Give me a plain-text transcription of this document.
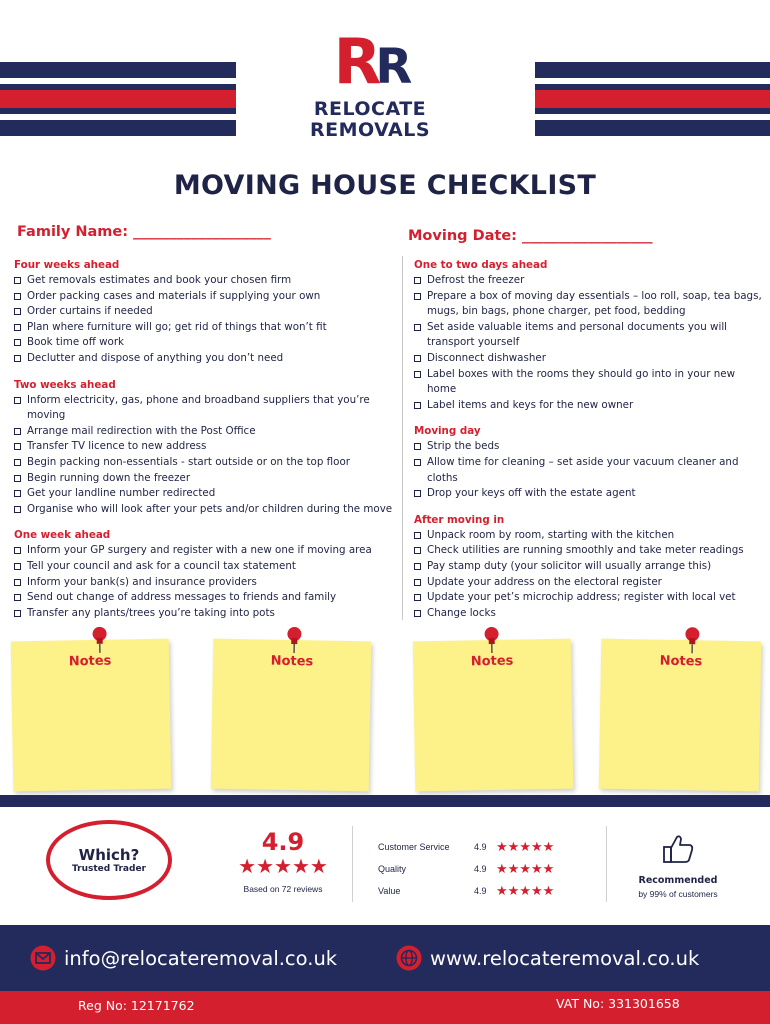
RR
RELOCATE
REMOVALS
MOVING HOUSE CHECKLIST
Family Name: ___________________	Moving Date: __________________
Four weeks ahead
Get removals estimates and book your chosen firm
Order packing cases and materials if supplying your own
Order curtains if needed
Plan where furniture will go; get rid of things that won’t fit
Book time off work
Declutter and dispose of anything you don’t need
Two weeks ahead
Inform electricity, gas, phone and broadband suppliers that you’re moving
Arrange mail redirection with the Post Office
Transfer TV licence to new address
Begin packing non-essentials - start outside or on the top floor
Begin running down the freezer
Get your landline number redirected
Organise who will look after your pets and/or children during the move
One week ahead
Inform your GP surgery and register with a new one if moving area
Tell your council and ask for a council tax statement
Inform your bank(s) and insurance providers
Send out change of address messages to friends and family
Transfer any plants/trees you’re taking into pots
One to two days ahead
Defrost the freezer
Prepare a box of moving day essentials – loo roll, soap, tea bags, mugs, bin bags, phone charger, pet food, bedding
Set aside valuable items and personal documents you will transport yourself
Disconnect dishwasher
Label boxes with the rooms they should go into in your new home
Label items and keys for the new owner
Moving day
Strip the beds
Allow time for cleaning – set aside your vacuum cleaner and cloths
Drop your keys off with the estate agent
After moving in
Unpack room by room, starting with the kitchen
Check utilities are running smoothly and take meter readings
Pay stamp duty (your solicitor will usually arrange this)
Update your address on the electoral register
Update your pet’s microchip address; register with local vet
Change locks
Notes	Notes	Notes	Notes
Which?
Trusted Trader
4.9
★ ★ ★ ★ ★
Based on 72 reviews
Customer Service	4.9 ★ ★ ★ ★ ★
Quality	4.9 ★ ★ ★ ★ ★
Value	4.9 ★ ★ ★ ★ ★
Recommended
by 99% of customers
info@relocateremoval.co.uk	www.relocateremoval.co.uk
Reg No: 12171762	VAT No: 331301658
